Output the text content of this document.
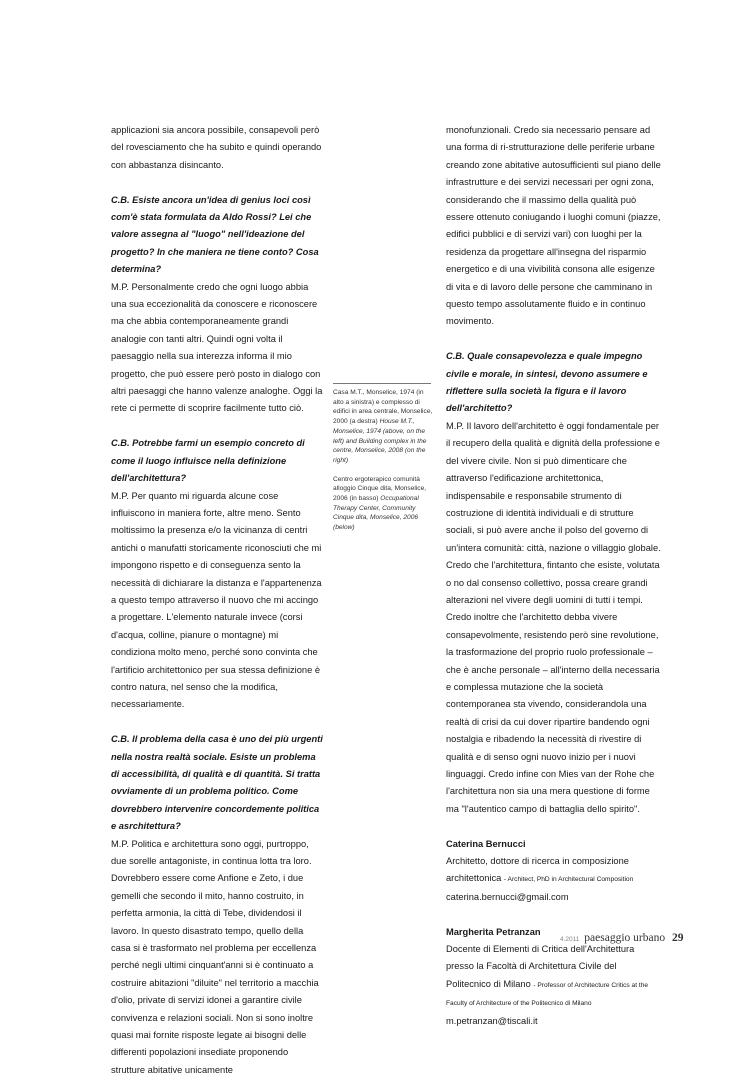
applicazioni sia ancora possibile, consapevoli però del rovesciamento che ha subito e quindi operando con abbastanza disincanto.

C.B. Esiste ancora un'idea di genius loci così com'è stata formulata da Aldo Rossi? Lei che valore assegna al "luogo" nell'ideazione del progetto? In che maniera ne tiene conto? Cosa determina?

M.P. Personalmente credo che ogni luogo abbia una sua eccezionalità da conoscere e riconoscere ma che abbia contemporaneamente grandi analogie con tanti altri. Quindi ogni volta il paesaggio nella sua interezza informa il mio progetto, che può essere però posto in dialogo con altri paesaggi che hanno valenze analoghe. Oggi la rete ci permette di scoprire facilmente tutto ciò.

C.B. Potrebbe farmi un esempio concreto di come il luogo influisce nella definizione dell'architettura?

M.P. Per quanto mi riguarda alcune cose influiscono in maniera forte, altre meno. Sento moltissimo la presenza e/o la vicinanza di centri antichi o manufatti storicamente riconosciuti che mi impongono rispetto e di conseguenza sento la necessità di dichiarare la distanza e l'appartenenza a questo tempo attraverso il nuovo che mi accingo a progettare. L'elemento naturale invece (corsi d'acqua, colline, pianure o montagne) mi condiziona molto meno, perché sono convinta che l'artificio architettonico per sua stessa definizione è contro natura, nel senso che la modifica, necessariamente.

C.B. Il problema della casa è uno dei più urgenti nella nostra realtà sociale. Esiste un problema di accessibilità, di qualità e di quantità. Si tratta ovviamente di un problema politico. Come dovrebbero intervenire concordemente politica e asrchitettura?

M.P. Politica e architettura sono oggi, purtroppo, due sorelle antagoniste, in continua lotta tra loro. Dovrebbero essere come Anfione e Zeto, i due gemelli che secondo il mito, hanno costruito, in perfetta armonia, la città di Tebe, dividendosi il lavoro. In questo disastrato tempo, quello della casa si è trasformato nel problema per eccellenza perché negli ultimi cinquant'anni si è continuato a costruire abitazioni "diluite" nel territorio a macchia d'olio, private di servizi idonei a garantire civile convivenza e relazioni sociali. Non si sono inoltre quasi mai fornite risposte legate ai bisogni delle differenti popolazioni insediate proponendo strutture abitative unicamente

Casa M.T., Monselice, 1974 (in alto a sinistra) e complesso di edifici in area centrale, Monselice, 2000 (a destra) House M.T., Monselice, 1974 (above, on the left) and Building complex in the centre, Monselice, 2008 (on the right)
Centro ergoterapico comunità alloggio Cinque dita, Monselice, 2006 (in basso) Occupational Therapy Center, Community Cinque dita, Monselice, 2006 (below)

monofunzionali. Credo sia necessario pensare ad una forma di ri-strutturazione delle periferie urbane creando zone abitative autosufficienti sul piano delle infrastrutture e dei servizi necessari per ogni zona, considerando che il massimo della qualità può essere ottenuto coniugando i luoghi comuni (piazze, edifici pubblici e di servizi vari) con luoghi per la residenza da progettare all'insegna del risparmio energetico e di una vivibilità consona alle esigenze di vita e di lavoro delle persone che camminano in questo tempo assolutamente fluido e in continuo movimento.

C.B. Quale consapevolezza e quale impegno civile e morale, in sintesi, devono assumere e riflettere sulla società la figura e il lavoro dell'architetto?

M.P. Il lavoro dell'architetto è oggi fondamentale per il recupero della qualità e dignità della professione e del vivere civile. Non si può dimenticare che attraverso l'edificazione architettonica, indispensabile e responsabile strumento di costruzione di identità individuali e di strutture sociali, si può avere anche il polso del governo di un'intera comunità: città, nazione o villaggio globale. Credo che l'architettura, fintanto che esiste, volutata o no dal consenso collettivo, possa creare grandi alterazioni nel vivere degli uomini di tutti i tempi. Credo inoltre che l'architetto debba vivere consapevolmente, resistendo però sine revolutione, la trasformazione del proprio ruolo professionale – che è anche personale – all'interno della necessaria e complessa mutazione che la società contemporanea sta vivendo, considerandola una realtà di crisi da cui dover ripartire bandendo ogni nostalgia e ribadendo la necessità di rivestire di qualità e di senso ogni nuovo inizio per i nuovi linguaggi. Credo infine con Mies van der Rohe che l'architettura non sia una mera questione di forme ma "l'autentico campo di battaglia dello spirito".

Caterina Bernucci

Architetto, dottore di ricerca in composizione architettonica - Architect, PhD in Architectural Composition

caterina.bernucci@gmail.com

Margherita Petranzan

Docente di Elementi di Critica dell'Architettura presso la Facoltà di Architettura Civile del Politecnico di Milano - Professor of Architecture Critics at the Faculty of Architecture of the Politecnico di Milano

m.petranzan@tiscali.it

4.2011 paesaggio urbano 29
